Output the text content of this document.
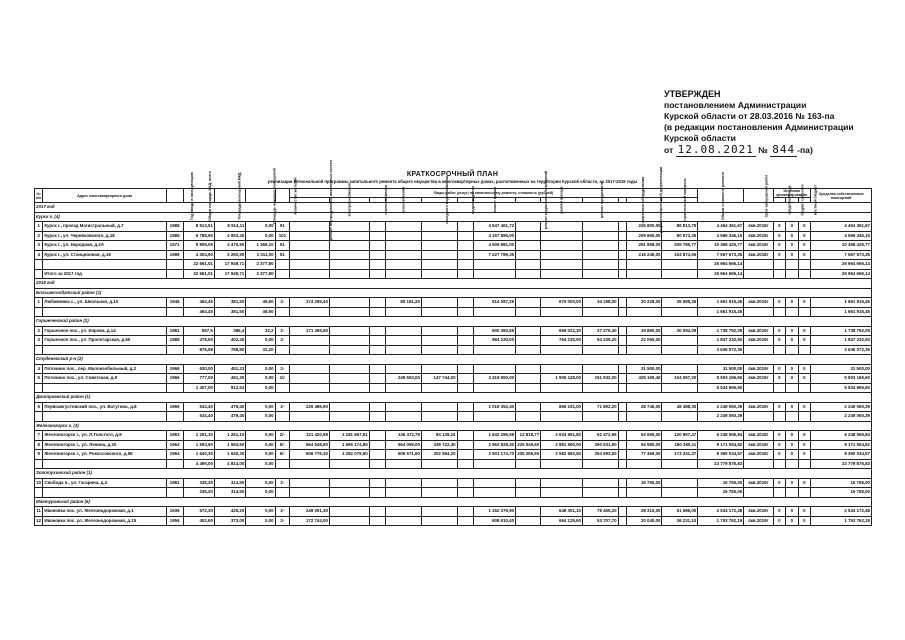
УТВЕРЖДЕН
постановлением Администрации
Курской области от 28.03.2016 № 163-па
(в редакции постановления Администрации
Курской области
от 12.08.2021 № 844 -па)
КРАТКОСРОЧНЫЙ ПЛАН
реализации Региональной программы капитального ремонта общего имущества в многоквартирных домах, расположенных на территории Курской области, на 2017-2019 годы
№ п/п	Адрес многоквартирного дома	Год ввода в эксплуатацию	Общая площадь МКД, всего	Площадь помещений МКД	Площадь нежилых помещений	Количество жителей	Виды работ (услуг) по капитальному ремонту, стоимость (рублей)													Общая стоимость ремонта	Срок завершения работ	Источник финансирования			Средства собственников помещений
							ремонт внутридомовых инженерных систем	электроснабжения	теплоснабжения	газоснабжения	холодного водоснабжения	водоотведения	ремонт крыши	ремонт подвальных помещений	ремонт фасада	ремонт фундамента	лифтового оборудования	разработка проектной документации	строительный контроль			средства Фонда	бюджет субъекта	местный бюджет	
2017 год																									
Курск г. (4)																									
1	Курск г., проезд Магистральный, д.7	1988	8 913,51	8 914,11	0,00	91							4 647 461,72					226 800,00	86 813,75	4 464 361,67	4кв.2018г	0	0	0	4 464 361,67
2	Курск г., ул. Черняховского, д.18	1986	6 788,90	4 953,40	0,00	101							4 157 895,00					209 865,00	80 573,35	4 566 346,15	4кв.2018г	0	0	0	4 566 346,15
3	Курск г., ул. Народная, д.2А	1971	5 809,05	4 475,90	1 366,10	51							4 609 881,00					291 858,00	209 786,77	10 368 425,77	4кв.2018г	0	0	0	10 368 425,77
4	Курск г., ул. Станционная, д.18	1988	4 304,90	3 292,90	1 011,00	51							7 227 789,35					216 249,00	104 874,65	7 567 673,35	4кв.2018г	0	0	0	7 567 673,35
			22 661,01	17 949,71	2 377,80															26 964 666,14					26 964 666,14
	Итого за 2017 год		22 661,01	17 949,71	2 377,80															26 964 666,14					26 964 666,14
2018 год																									
Большесолдатский район (1)																									
1	Любимовка с., ул. Школьная, д.10	1946	464,45	381,50	45,60	2-	174 295,40			85 161,20			614 087,29		670 000,00	34 198,00		20 228,00	35 595,25	1 661 915,45	4кв.2019г	0	0	0	1 661 915,45
			464,45	381,50	45,60															1 661 915,45					1 661 915,45
Горшеченский район (2)																									
2	Горшечное пос., ул. Кирова, д.14	1981	567,5	386,4	32,2	2-	171 365,60						600 360,55		659 022,30	37 279,40		19 880,00	30 094,09	1 738 792,09	4кв.2019г	0	0	0	1 738 792,09
3	Горшечное пос., ул. Пролетарская, д.60	1988	478,50	402,40	0,00	2-							984 230,00		764 230,00	94 239,20		22 065,00		1 847 232,50	4кв.2019г	0	0	0	1 847 232,50
			876,58	788,80	32,20															3 636 072,35					3 636 072,35
Студенокский р-н (2)																									
4	Поточино пос., пер. Малоизобильный, д.2	1966	630,00	451,23	0,00	2-												31 500,00		31 500,00	4кв.2019г	0	0	0	31 500,00
5	Поточино пос., ул. Советская, д.9	1966	777,00	461,30	0,00	1/г				249 603,00	147 744,00		2 419 550,00		1 905 128,00	151 932,00		425 160,40	104 067,20	5 503 165,60	4кв.2019г	0	0	0	5 503 165,60
			1 407,00	912,53	0,00															5 534 665,60					5 534 665,60
Дмитриевский район (1)																									
6	Первоавгустовский пос., ул. Ватутина, д.8	1966	534,40	479,40	0,00	2-	226 486,90						1 019 352,40		866 151,00	71 892,20		28 746,00	48 488,30	2 249 060,39	4кв.2019г	0	0	0	2 249 060,39
			534,40	479,40	0,00															2 249 060,39					2 249 060,39
Железногорск г. (3)																									
7	Железногорск г., ул. Л.Толстого, д.9	1963	1 261,10	1 261,10	0,00	2/-	121 420,98	1 181 667,81		136 472,78	84 139,24		1 642 296,59	12 818,77	2 634 691,82	62 472,96		53 655,00	120 967,47	6 248 556,84	4кв.2018г	0	0	0	6 248 556,84
8	Железногорск г., ул. Ленина, д.20	1964	1 593,60	1 593,60	0,00	5/-	664 548,60	1 965 174,85		564 059,00	339 722,40		2 963 828,40	226 549,60	2 881 590,00	290 631,60		94 580,00	180 360,11	9 171 554,82	4кв.2018г	0	0	0	9 171 554,82
9	Железногорск г., ул. Рокоссовского, д.58	1964	1 640,30	1 640,30	0,00	5/-	606 776,30	1 282 079,60		606 571,60	302 584,20		2 901 174,70	205 259,50	2 582 692,50	254 993,50		77 465,00	173 331,37	8 360 034,57	4кв.2018г	0	0	0	8 360 034,57
			4 495,00	4 814,00	0,00															23 779 876,83					23 779 876,83
Золотухинский район (1)																									
10	Свобода п., ул. Гагарина, д.3	1981	335,20	314,50	0,00	2-												16 765,00		16 765,00	4кв.2019г	0	0	0	16 765,00
			335,20	314,50	0,00															16 765,00					16 765,00
Мантуровский район (6)																									
11	Ивановка пос. ул. Железнодорожная, д.1	1936	572,30	425,20	0,00	2-	249 001,30						1 152 379,90		648 351,10	78 455,20		28 315,00	51 686,00	2 534 172,48	4кв.2019г	0	0	0	2 534 172,48
12	Ивановка пос. ул. Железнодорожная, д.15	1956	402,60	373,00	0,00	2-	172 744,00						608 610,40		664 125,60	53 707,70		20 040,00	36 231,10	1 753 762,19	4кв.2019г	0	0	0	1 753 762,19
